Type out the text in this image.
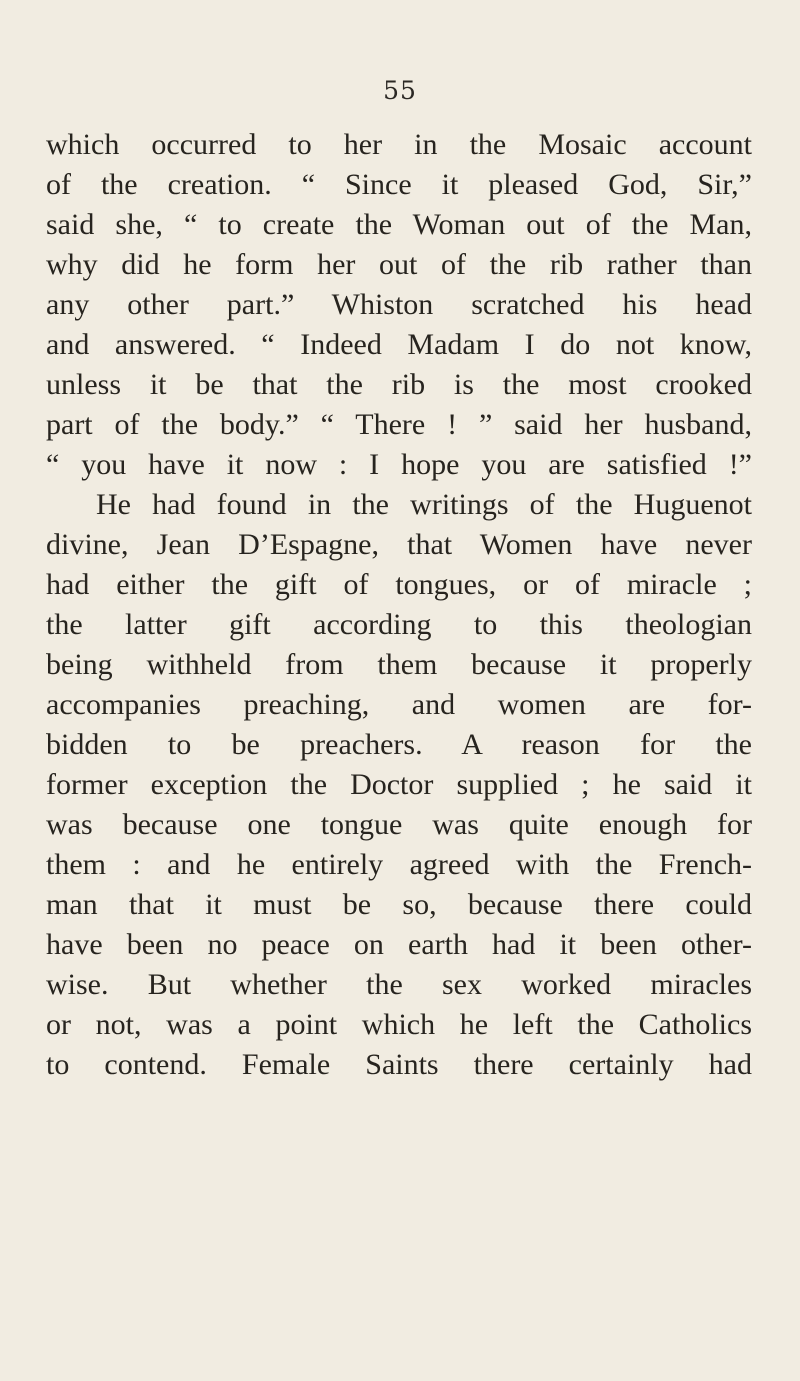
55
which occurred to her in the Mosaic account
of the creation. “ Since it pleased God, Sir,”
said she, “ to create the Woman out of the Man,
why did he form her out of the rib rather than
any other part.” Whiston scratched his head
and answered. “ Indeed Madam I do not know,
unless it be that the rib is the most crooked
part of the body.” “ There ! ” said her husband,
“ you have it now : I hope you are satisfied !”
He had found in the writings of the Huguenot
divine, Jean D’Espagne, that Women have never
had either the gift of tongues, or of miracle ;
the latter gift according to this theologian
being withheld from them because it properly
accompanies preaching, and women are for-
bidden to be preachers. A reason for the
former exception the Doctor supplied ; he said it
was because one tongue was quite enough for
them : and he entirely agreed with the French-
man that it must be so, because there could
have been no peace on earth had it been other-
wise. But whether the sex worked miracles
or not, was a point which he left the Catholics
to contend. Female Saints there certainly had
